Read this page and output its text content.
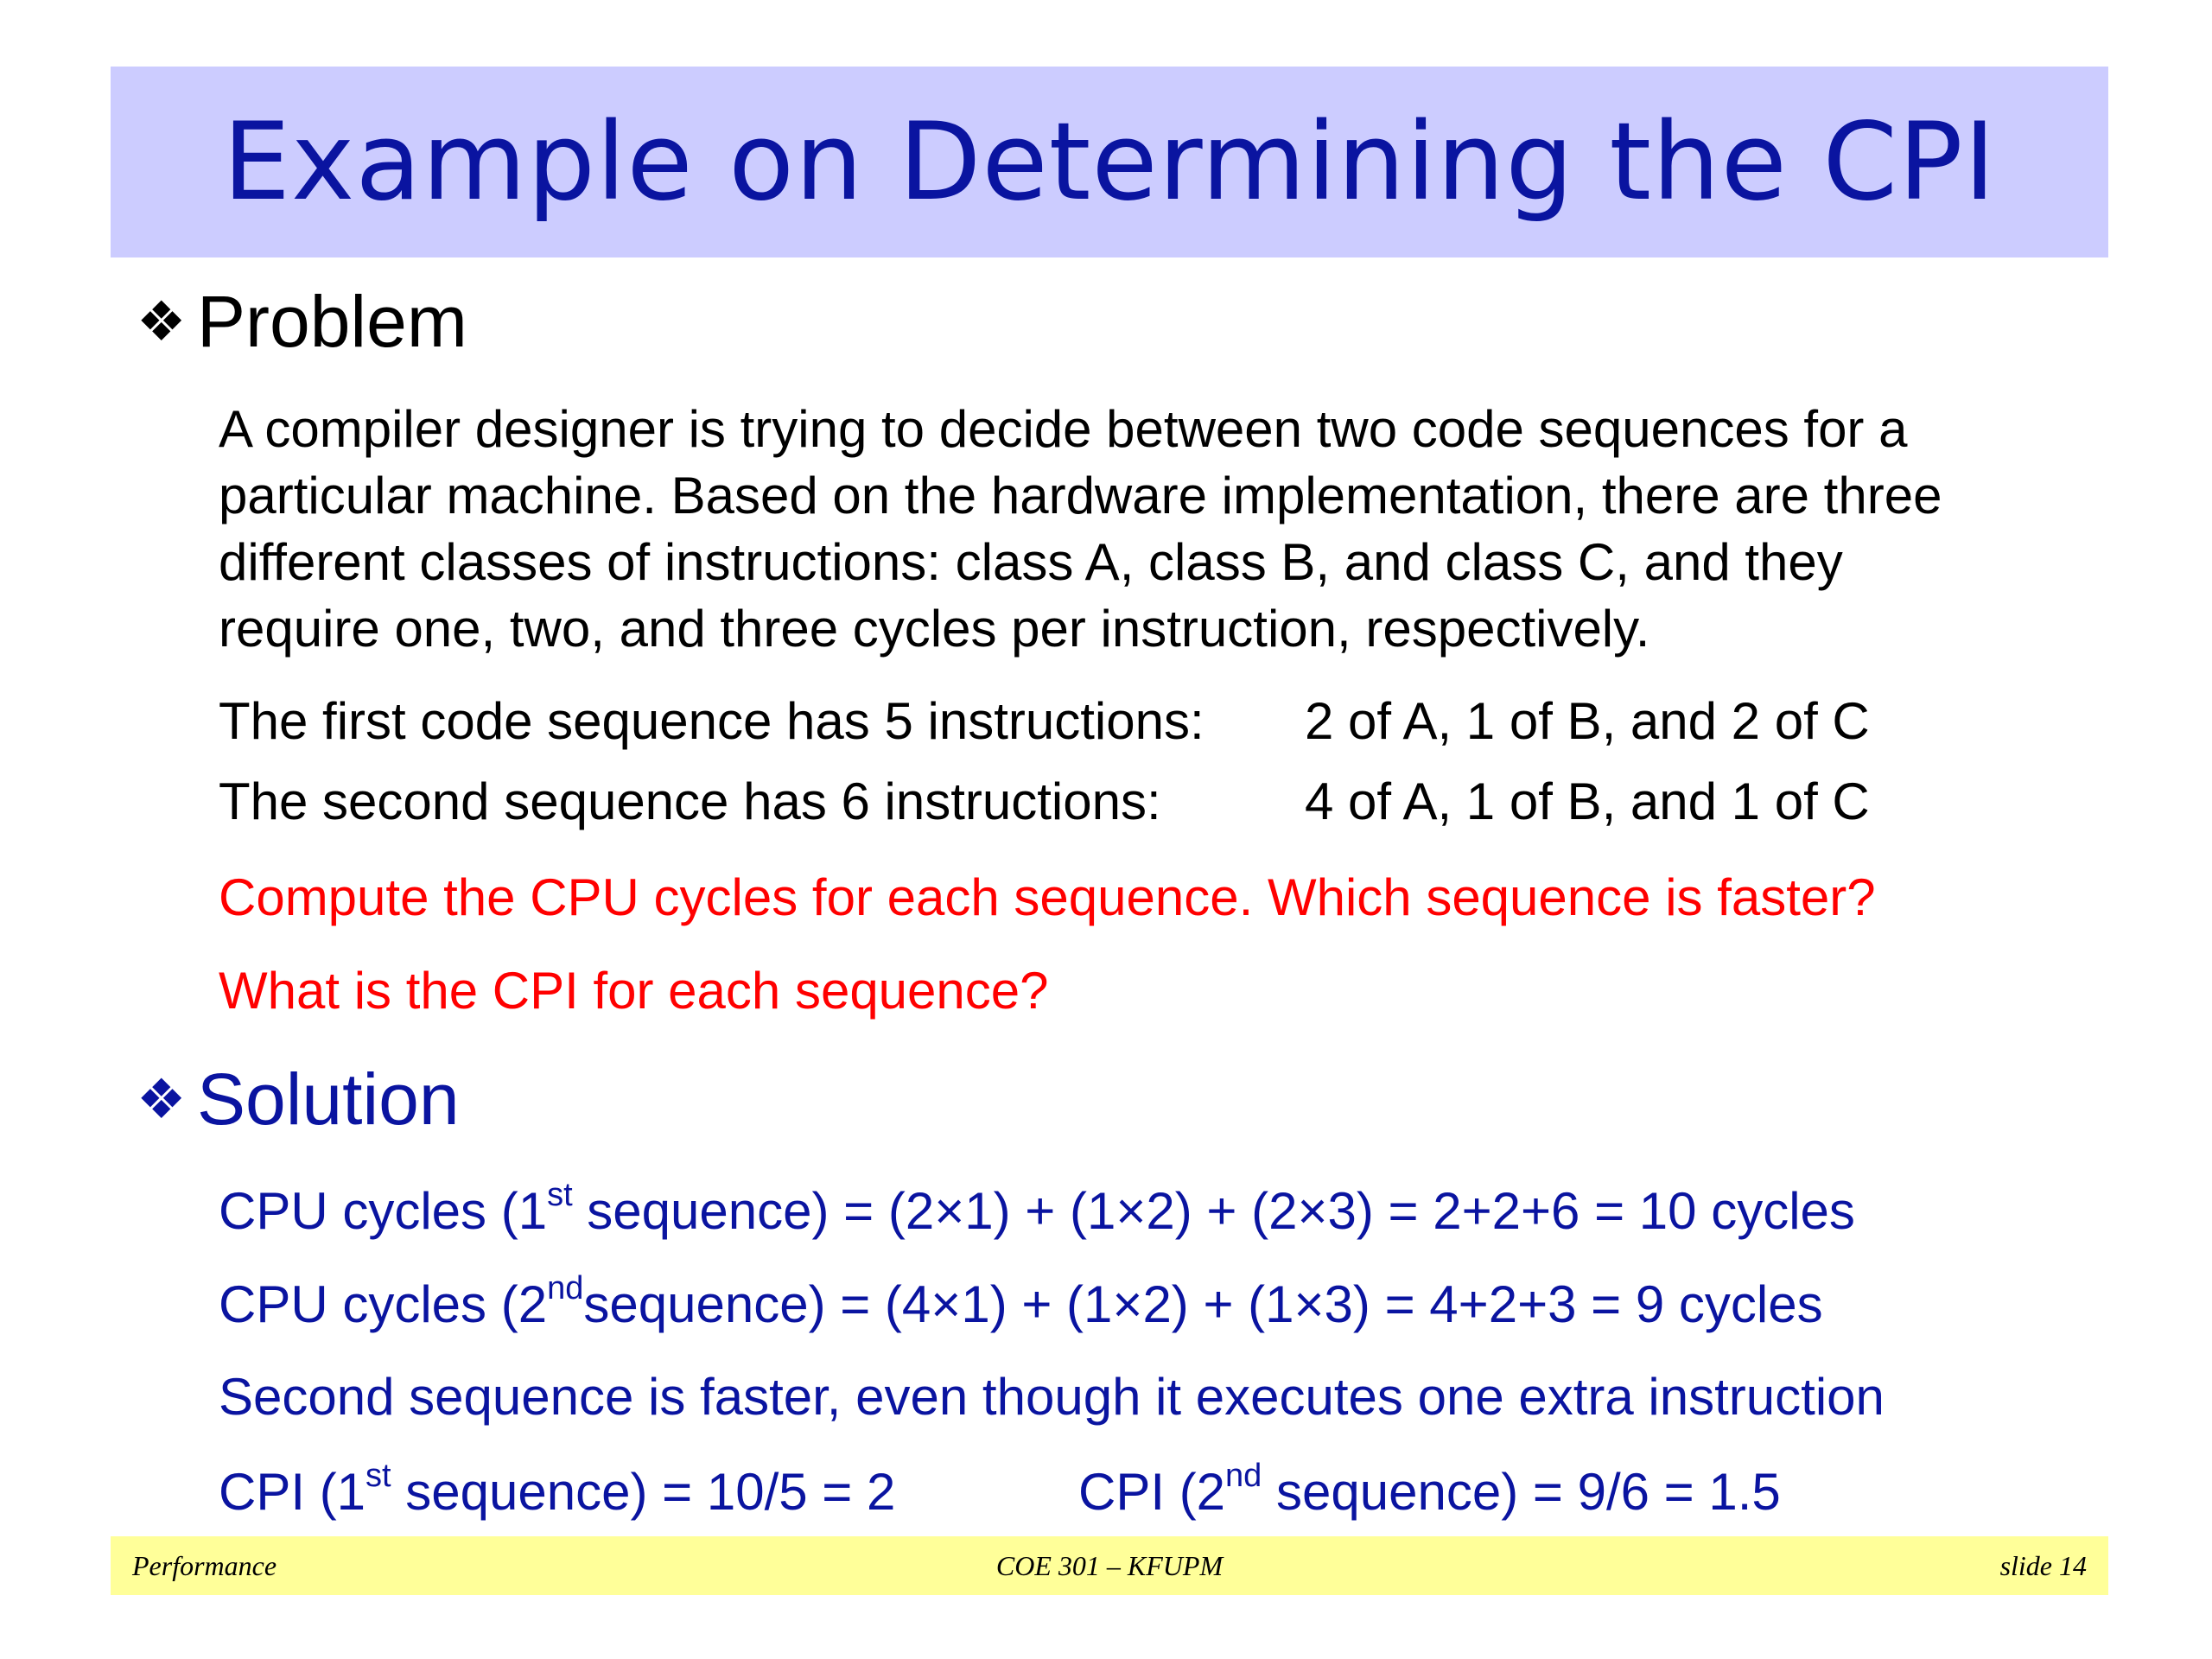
Example on Determining the CPI
❖ Problem
A compiler designer is trying to decide between two code sequences for a
particular machine. Based on the hardware implementation, there are three
different classes of instructions: class A, class B, and class C, and they
require one, two, and three cycles per instruction, respectively.
The first code sequence has 5 instructions: 2 of A, 1 of B, and 2 of C
The second sequence has 6 instructions:	4 of A, 1 of B, and 1 of C
Compute the CPU cycles for each sequence. Which sequence is faster?
What is the CPI for each sequence?
❖ Solution
CPU cycles (1st sequence) = (2×1) + (1×2) + (2×3) = 2+2+6 = 10 cycles
CPU cycles (2ndsequence) = (4×1) + (1×2) + (1×3) = 4+2+3 = 9 cycles
Second sequence is faster, even though it executes one extra instruction
CPI (1st sequence) = 10/5 = 2	CPI (2nd sequence) = 9/6 = 1.5
Performance	COE 301 – KFUPM	slide 14
